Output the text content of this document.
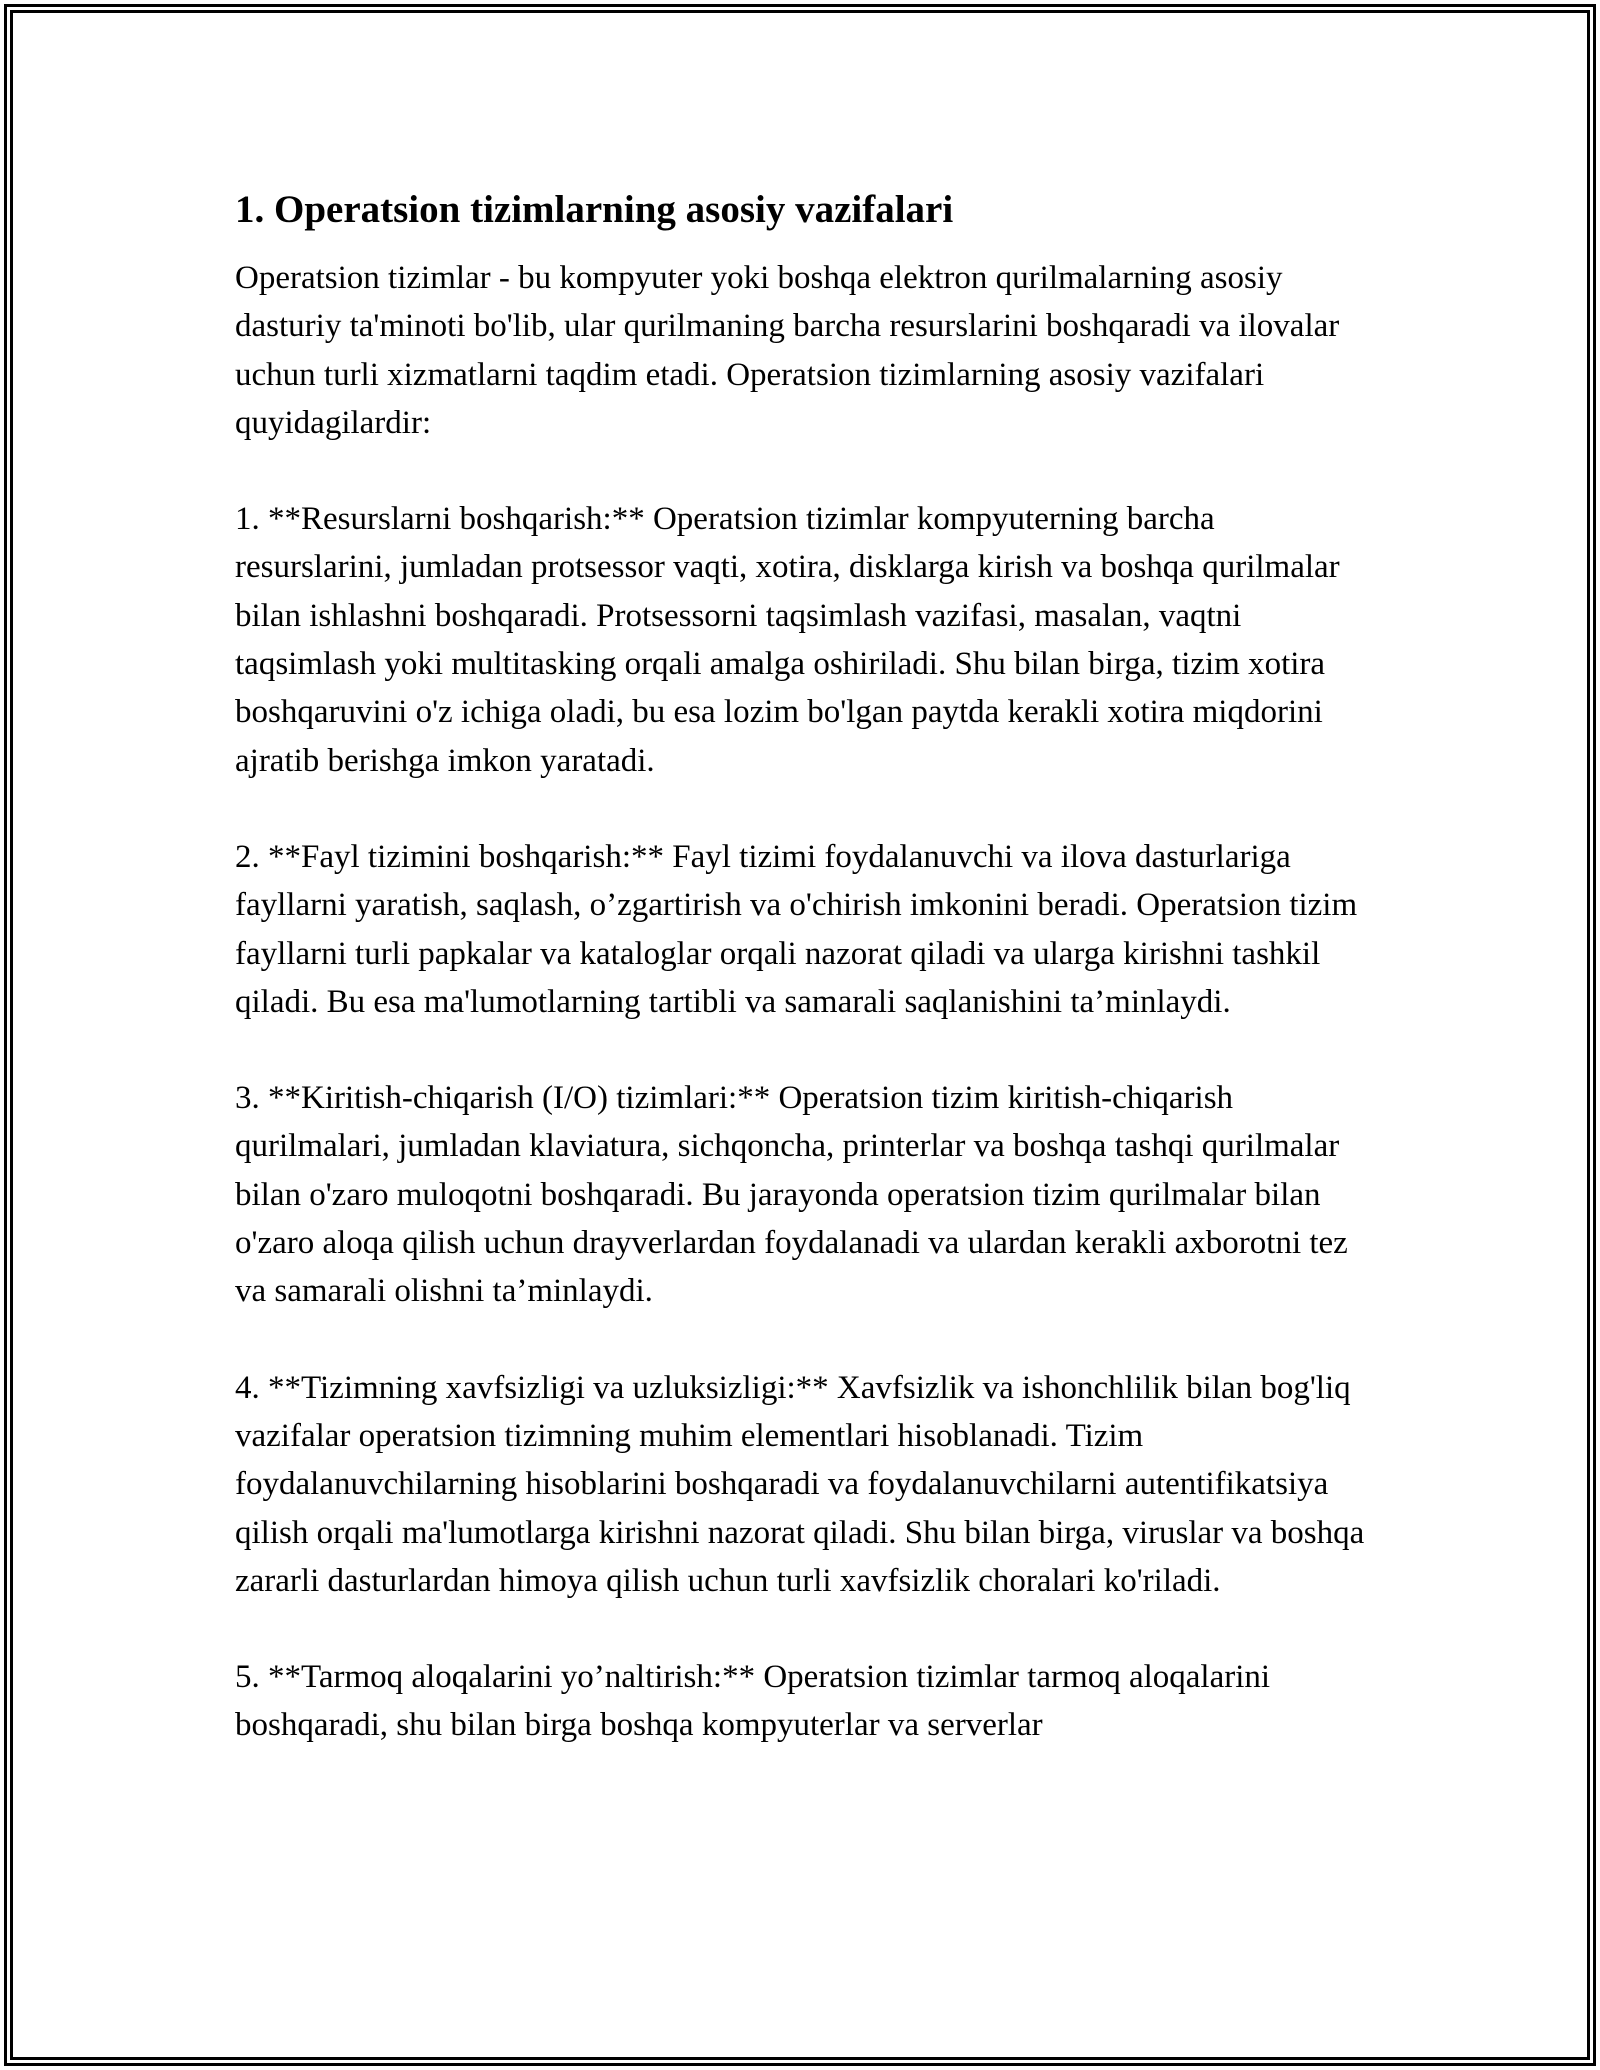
1. Operatsion tizimlarning asosiy vazifalari

Operatsion tizimlar - bu kompyuter yoki boshqa elektron qurilmalarning asosiy dasturiy ta'minoti bo'lib, ular qurilmaning barcha resurslarini boshqaradi va ilovalar uchun turli xizmatlarni taqdim etadi. Operatsion tizimlarning asosiy vazifalari quyidagilardir:

1. **Resurslarni boshqarish:** Operatsion tizimlar kompyuterning barcha resurslarini, jumladan protsessor vaqti, xotira, disklarga kirish va boshqa qurilmalar bilan ishlashni boshqaradi. Protsessorni taqsimlash vazifasi, masalan, vaqtni taqsimlash yoki multitasking orqali amalga oshiriladi. Shu bilan birga, tizim xotira boshqaruvini o'z ichiga oladi, bu esa lozim bo'lgan paytda kerakli xotira miqdorini ajratib berishga imkon yaratadi.

2. **Fayl tizimini boshqarish:** Fayl tizimi foydalanuvchi va ilova dasturlariga fayllarni yaratish, saqlash, o’zgartirish va o'chirish imkonini beradi. Operatsion tizim fayllarni turli papkalar va kataloglar orqali nazorat qiladi va ularga kirishni tashkil qiladi. Bu esa ma'lumotlarning tartibli va samarali saqlanishini ta’minlaydi.

3. **Kiritish-chiqarish (I/O) tizimlari:** Operatsion tizim kiritish-chiqarish qurilmalari, jumladan klaviatura, sichqoncha, printerlar va boshqa tashqi qurilmalar bilan o'zaro muloqotni boshqaradi. Bu jarayonda operatsion tizim qurilmalar bilan o'zaro aloqa qilish uchun drayverlardan foydalanadi va ulardan kerakli axborotni tez va samarali olishni ta’minlaydi.

4. **Tizimning xavfsizligi va uzluksizligi:** Xavfsizlik va ishonchlilik bilan bog'liq vazifalar operatsion tizimning muhim elementlari hisoblanadi. Tizim foydalanuvchilarning hisoblarini boshqaradi va foydalanuvchilarni autentifikatsiya qilish orqali ma'lumotlarga kirishni nazorat qiladi. Shu bilan birga, viruslar va boshqa zararli dasturlardan himoya qilish uchun turli xavfsizlik choralari ko'riladi.

5. **Tarmoq aloqalarini yo’naltirish:** Operatsion tizimlar tarmoq aloqalarini boshqaradi, shu bilan birga boshqa kompyuterlar va serverlar
